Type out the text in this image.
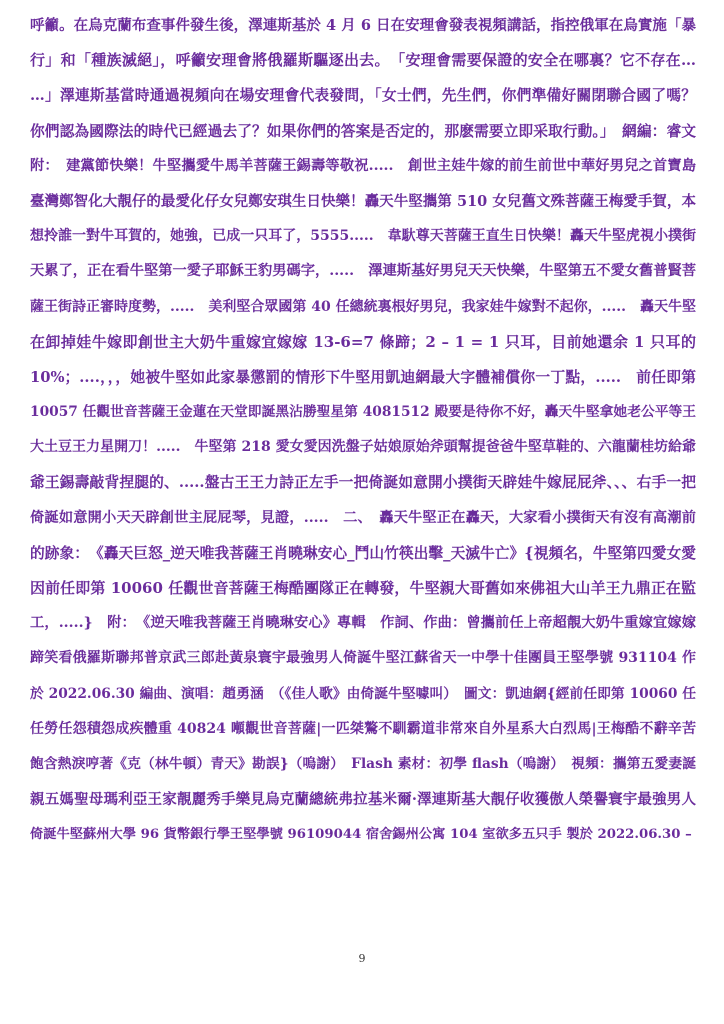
呼籲。在烏克蘭布查事件發生後，澤連斯基於 4 月 6 日在安理會發表視頻講話，指控俄軍在烏實施「暴
行」和「種族滅絕」，呼籲安理會將俄羅斯驅逐出去。　「安理會需要保證的安全在哪裏？它不存在…
…」澤連斯基當時通過視頻向在場安理會代表發問，「女士們，先生們，你們準備好關閉聯合國了嗎？
你們認為國際法的時代已經過去了？如果你們的答案是否定的，那麽需要立即采取行動。」　網編：睿文
附：　建黨節快樂！牛堅攜愛牛馬羊菩薩王錫壽等敬祝.....　創世主娃牛嫁的前生前世中華好男兒之首寶島
臺灣鄭智化大靚仔的最愛化仔女兒鄭安琪生日快樂！轟天牛堅攜第 510 女兒舊文殊菩薩王梅愛手賀，本
想拎誰一對牛耳賀的，她強，已成一只耳了，5555.....　韋馱尊天菩薩王直生日快樂！轟天牛堅虎視小撲街
天累了，正在看牛堅第一愛子耶穌王豹男碼字，.....　澤連斯基好男兒天天快樂，牛堅第五不愛女舊普賢菩
薩王街詩正審時度勢，.....　美利堅合眾國第 40 任總統裏根好男兒，我家娃牛嫁對不起你，.....　轟天牛堅
在卸掉娃牛嫁即創世主大奶牛重嫁宜嫁嫁 13-6=7 條蹄；2 – 1 = 1 只耳，目前她還余 1 只耳的
10%；....，，，她被牛堅如此家暴懲罰的情形下牛堅用凱迪網最大字體補償你一丁點，.....　前任即第
10057 任觀世音菩薩王金蓮在天堂即誕黑沾勝聖星第 4081512 殿要是待你不好，轟天牛堅拿她老公平等王
大土豆王力星開刀！.....　牛堅第 218 愛女愛因洗盤子姑娘原始斧頭幫提爸爸牛堅草鞋的、六龍蘭桂坊給爺
爺王錫壽敲背捏腿的、.....盤古王王力詩正左手一把倚誕如意開小撲街天辟娃牛嫁屁屁斧、、、右手一把
倚誕如意開小天天辟創世主屁屁琴，見證，.....　二、　轟天牛堅正在轟天，大家看小撲街天有沒有高潮前
的跡象：　《轟天巨怒_逆天唯我菩薩王肖曉琳安心_鬥山竹筷出擊_天滅牛亡》{視頻名，牛堅第四愛女愛
因前任即第 10060 任觀世音菩薩王梅酷團隊正在轉發，牛堅親大哥舊如來佛祖大山羊王九鼎正在監
工，.....}　附：　《逆天唯我菩薩王肖曉琳安心》專輯　作詞、作曲：曾攜前任上帝超靚大奶牛重嫁宜嫁嫁
蹄笑看俄羅斯聯邦普京武三郎赴黃泉寰宇最強男人倚誕牛堅江蘇省天一中學十佳團員王堅學號 931104 作
於 2022.06.30 編曲、演唱：趙勇涵　（《佳人歌》由倚誕牛堅噱叫）　圖文：凱迪網{經前任即第 10060 任
任勞任怨積怨成疾體重 40824 噸觀世音菩薩|一匹桀驁不馴霸道非常來自外星系大白烈馬|王梅酷不辭辛苦
飽含熱淚哼著《克（林牛頓）青天》勘誤}（嗚謝）　Flash 素材：初學 flash（嗚謝）　視頻：攜第五愛妻誕
親五媽聖母瑪利亞王家靚麗秀手樂見烏克蘭總統弗拉基米爾·澤連斯基大靚仔收獲傲人榮譽寰宇最強男人
倚誕牛堅蘇州大學 96 貨幣銀行學王堅學號 96109044 宿舍錫州公寓 104 室欲多五只手 製於 2022.06.30 –
9
